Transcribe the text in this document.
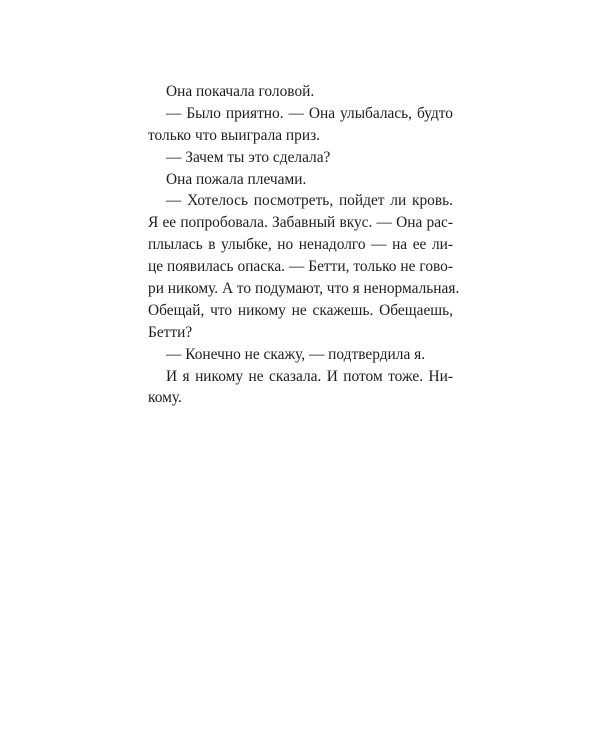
Она покачала головой.
— Было приятно. — Она улыбалась, будто
только что выиграла приз.
— Зачем ты это сделала?
Она пожала плечами.
— Хотелось посмотреть, пойдет ли кровь.
Я ее попробовала. Забавный вкус. — Она рас-
плылась в улыбке, но ненадолго — на ее ли-
це появилась опаска. — Бетти, только не гово-
ри никому. А то подумают, что я ненормальная.
Обещай, что никому не скажешь. Обещаешь,
Бетти?
— Конечно не скажу, — подтвердила я.
И я никому не сказала. И потом тоже. Ни-
кому.
